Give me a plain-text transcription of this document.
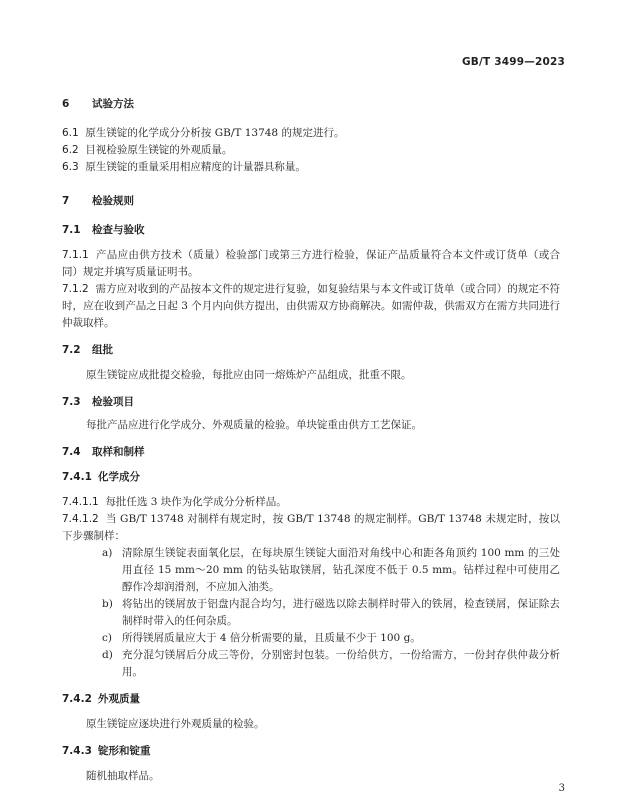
GB/T 3499—2023
6 试验方法
6.1 原生镁锭的化学成分分析按 GB/T 13748 的规定进行。
6.2 目视检验原生镁锭的外观质量。
6.3 原生镁锭的重量采用相应精度的计量器具称量。
7 检验规则
7.1 检查与验收
7.1.1 产品应由供方技术（质量）检验部门或第三方进行检验，保证产品质量符合本文件或订货单（或合同）规定并填写质量证明书。
7.1.2 需方应对收到的产品按本文件的规定进行复验，如复验结果与本文件或订货单（或合同）的规定不符时，应在收到产品之日起 3 个月内向供方提出，由供需双方协商解决。如需仲裁，供需双方在需方共同进行仲裁取样。
7.2 组批
原生镁锭应成批提交检验，每批应由同一熔炼炉产品组成，批重不限。
7.3 检验项目
每批产品应进行化学成分、外观质量的检验。单块锭重由供方工艺保证。
7.4 取样和制样
7.4.1 化学成分
7.4.1.1 每批任选 3 块作为化学成分分析样品。
7.4.1.2 当 GB/T 13748 对制样有规定时，按 GB/T 13748 的规定制样。GB/T 13748 未规定时，按以下步骤制样：
a) 清除原生镁锭表面氧化层，在每块原生镁锭大面沿对角线中心和距各角顶约 100 mm 的三处用直径 15 mm～20 mm 的钻头钻取镁屑，钻孔深度不低于 0.5 mm。钻样过程中可使用乙醇作冷却润滑剂，不应加入油类。
b) 将钻出的镁屑放于铝盘内混合均匀，进行磁选以除去制样时带入的铁屑，检查镁屑，保证除去制样时带入的任何杂质。
c) 所得镁屑质量应大于 4 倍分析需要的量，且质量不少于 100 g。
d) 充分混匀镁屑后分成三等份，分别密封包装。一份给供方，一份给需方，一份封存供仲裁分析用。
7.4.2 外观质量
原生镁锭应逐块进行外观质量的检验。
7.4.3 锭形和锭重
随机抽取样品。
3
